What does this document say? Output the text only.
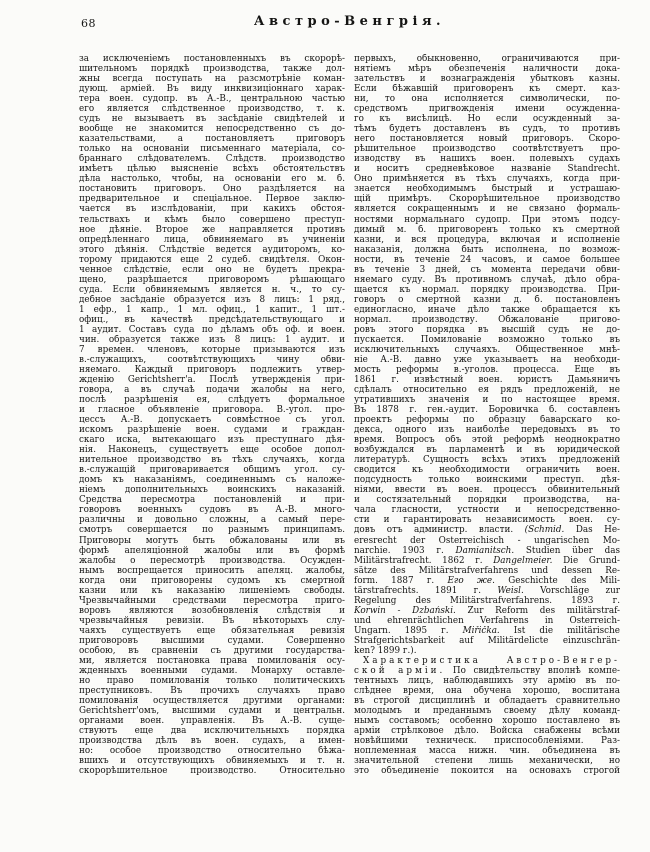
68	Австро-Венгрія.
за исключеніемъ постановленныхъ въ скорорѣ-
шительномъ порядкѣ производства, также дол-
жны всегда поступать на разсмотрѣніе коман-
дующ. арміей. Въ виду инквизиціоннаго харак-
тера воен. судопр. въ А.-В., центральною частью
его является слѣдственное производство, т. к.
судъ не вызываетъ въ засѣданіе свидѣтелей и
вообще не знакомится непосредственно съ до-
казательствами, а постановляетъ приговоръ
только на основаніи письменнаго матеріала, со-
браннаго слѣдователемъ. Слѣдств. производство
имѣетъ цѣлью выясненіе всѣхъ обстоятельствъ
дѣла настолько, чтобы, на основаніи его м. б.
постановить приговоръ. Оно раздѣляется на
предварительное и спеціальное. Первое заклю-
чается въ изслѣдованіи, при какихъ обстоя-
тельствахъ и кѣмъ было совершено преступ-
ное дѣяніе. Второе же направляется противъ
опредѣленнаго лица, обвиняемаго въ учиненіи
этого дѣянія. Слѣдствіе ведется аудиторомъ, ко-
торому придаются еще 2 судеб. свидѣтеля. Окон-
ченное слѣдствіе, если оно не будетъ прекра-
щено, разрѣшается приговоромъ рѣшающаго
суда. Если обвиняемымъ является н. ч., то су-
дебное засѣданіе образуется изъ 8 лицъ: 1 ряд.,
1 ефр., 1 капр., 1 мл. офиц., 1 капит., 1 шт.-
офиц., въ качествѣ предсѣдательствующаго и
1 аудит. Составъ суда по дѣламъ объ оф. и воен.
чин. образуется также изъ 8 лицъ: 1 аудит. и
7 времен. членовъ, которые призываются изъ
в.-служащихъ, соотвѣтствующихъ чину обви-
няемаго. Каждый приговоръ подлежитъ утвер-
жденію Gerichtsherr'а. Послѣ утвержденія при-
говора, а въ случаѣ подачи жалобы на него,
послѣ разрѣшенія ея, слѣдуетъ формальное
и гласное объявленіе приговора. В.-угол. про-
цессъ А.-В. допускаетъ совмѣстное съ угол.
искомъ разрѣшеніе воен. судами и граждан-
скаго иска, вытекающаго изъ преступнаго дѣя-
нія. Наконецъ, существуетъ еще особое допол-
нительное производство въ тѣхъ случаяхъ, когда
в.-служащій приговаривается общимъ угол. су-
домъ къ наказаніямъ, соединеннымъ съ наложе-
ніемъ дополнительныхъ воинскихъ наказаній.
Средства пересмотра постановленій и при-
говоровъ военныхъ судовъ въ А.-В. много-
различны и довольно сложны, а самый пере-
смотръ совершается по разнымъ принципамъ.
Приговоры могутъ быть обжалованы или въ
формѣ апеляціонной жалобы или въ формѣ
жалобы о пересмотрѣ производства. Осужден-
нымъ воспрещается приносить апеляц. жалобы,
когда они приговорены судомъ къ смертной
казни или къ наказанію лишеніемъ свободы.
Чрезвычайными средствами пересмотра приго-
воровъ являются возобновленія слѣдствія и
чрезвычайныя ревизіи. Въ нѣкоторыхъ слу-
чаяхъ существуетъ еще обязательная ревизія
приговоровъ высшими судами. Совершенно
особою, въ сравненіи съ другими государства-
ми, является постановка права помилованія осу-
жденныхъ военными судами. Монарху оставле-
но право помилованія только политическихъ
преступниковъ. Въ прочихъ случаяхъ право
помилованія осуществляется другими органами:
Gerichtsherr'омъ, высшими судами и центральн.
органами воен. управленія. Въ А.-В. суще-
ствуютъ еще два исключительныхъ порядка
производства дѣлъ въ воен. судахъ, а имен-
но: особое производство относительно бѣжа-
вшихъ и отсутствующихъ обвиняемыхъ и т. н.
скорорѣшительное производство. Относительно
первыхъ, обыкновенно, ограничиваются при-
нятіемъ мѣръ обезпеченія наличности дока-
зательствъ и вознагражденія убытковъ казны.
Если бѣжавшій приговоренъ къ смерт. каз-
ни, то она исполняется символически, по-
средствомъ пригвожденія имени осужденна-
го къ висѣлицѣ. Но если осужденный за-
тѣмъ будетъ доставленъ въ судъ, то противъ
него постановляется новый приговоръ. Скоро-
рѣшительное производство соотвѣтствуетъ про-
изводству въ нашихъ воен. полевыхъ судахъ
и носитъ средневѣковое названіе Standrecht.
Оно примѣняется въ тѣхъ случаяхъ, когда при-
знается необходимымъ быстрый и устрашаю-
щій примѣръ. Скорорѣшительное производство
является сокращеннымъ и не связано формаль-
ностями нормальнаго судопр. При этомъ подсу-
димый м. б. приговоренъ только къ смертной
казни, и вся процедура, включая и исполненіе
наказанія, должна быть исполнена, по возмож-
ности, въ теченіе 24 часовъ, и самое большее
въ теченіе 3 дней, съ момента передачи обви-
няемаго суду. Въ противномъ случаѣ, дѣло обра-
щается къ нормал. порядку производства. При-
говоръ о смертной казни д. б. постановленъ
единогласно, иначе дѣло также обращается къ
нормал. производству. Обжалованіе пригово-
ровъ этого порядка въ высшій судъ не до-
пускается. Помилованіе возможно только въ
исключительныхъ случаяхъ. Общественное мнѣ-
ніе А.-В. давно уже указываетъ на необходи-
мость реформы в.-уголов. процесса. Еще въ
1861 г. извѣстный воен. юристъ Дамьяничъ
сдѣлалъ относительно ея рядъ предложеній, не
утратившихъ значенія и по настоящее время.
Въ 1878 г. ген.-аудит. Боровичка б. составленъ
проектъ реформы по образцу баварскаго ко-
декса, одного изъ наиболѣе передовыхъ въ то
время. Вопросъ объ этой реформѣ неоднократно
возбуждался въ парламентѣ и въ юридической
литературѣ. Сущность всѣхъ этихъ предложеній
сводится къ необходимости ограничить воен.
подсудность только воинскими преступ. дѣя-
ніями, ввести въ воен. процессъ обвинительный
и состязательный порядки производства, на-
чала гласности, устности и непосредственно-
сти и гарантировать независимость воен. су-
довъ отъ администр. власти. (Schmid. Das He-
eresrecht der Österreichisch - ungarischen Mo-
narchie. 1903 г. Damianitsch. Studien über das
Militärstrafrecht. 1862 г. Dangelmeier. Die Grund-
sätze des Militärstrafverfahrens und dessen Re-
form. 1887 г. Его же. Geschichte des Mili-
tärstrafrechts. 1891 г. Weisl. Vorschläge zur
Regelung des Militärstrafverfahrens. 1893 г.
Korwin - Dzbański. Zur Reform des militärstraf-
und ehrenrächtlichen Verfahrens in Österreich-
Ungarn. 1895 г. Miřička. Ist die militärische
Strafgerichtsbarkeit auf Militärdelicte einzuschrän-
ken? 1899 г.).
Характеристика Австро-Венгер-
ской арміи. По свидѣтельству вполнѣ компе-
тентныхъ лицъ, наблюдавшихъ эту армію въ по-
слѣднее время, она обучена хорошо, воспитана
въ строгой дисциплинѣ и обладаетъ сравнительно
молодымъ и преданнымъ своему дѣлу команд-
нымъ составомъ; особенно хорошо поставлено въ
арміи стрѣлковое дѣло. Войска снабжены всѣми
новѣйшими техническ. приспособленіями. Раз-
ноплеменная масса нижн. чин. объединена въ
значительной степени лишь механически, но
это объединеніе покоится на основахъ строгой
